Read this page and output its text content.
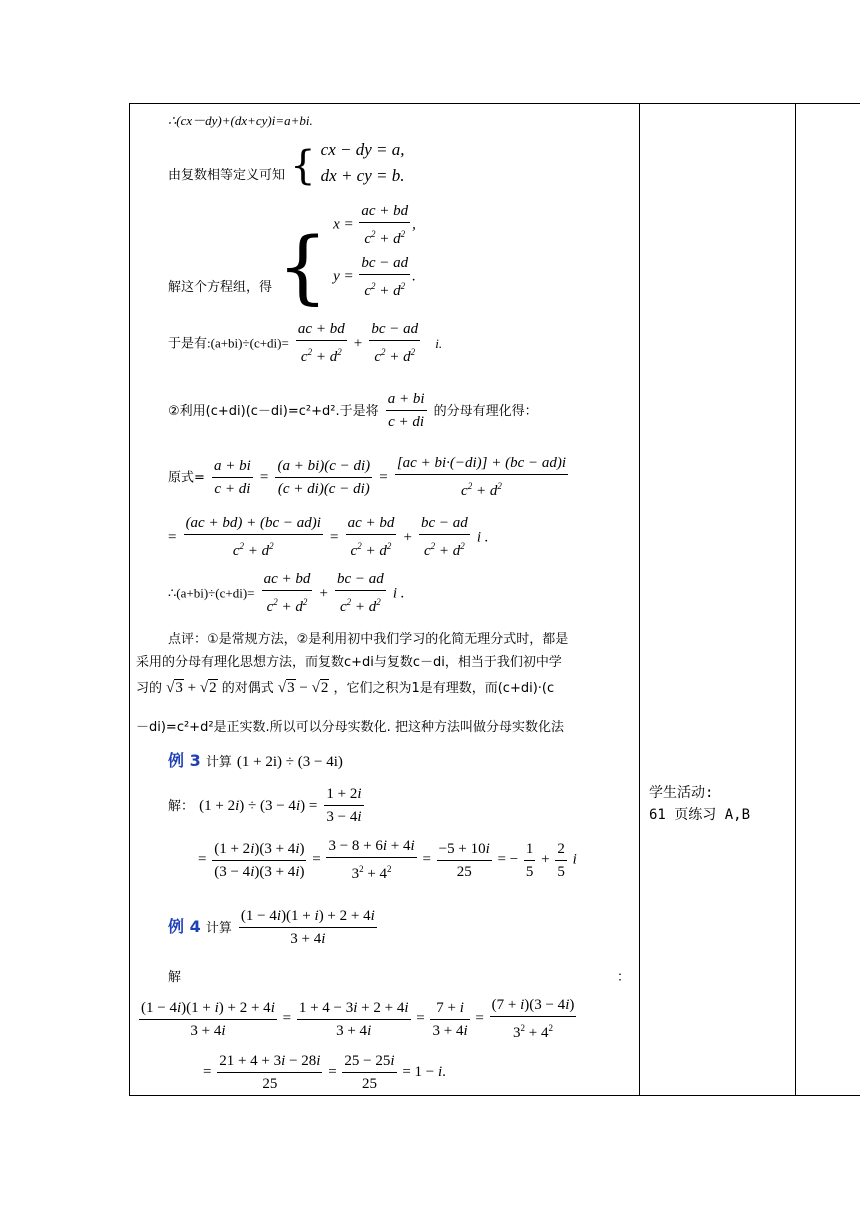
∴(cx－dy)+(dx+cy)i=a+bi.
$_{由复数相等定义可知}$ { cx − dy = a,
dx + cy = b.
$_{解这个方程组,得}$ { $x = \frac{ac + bd}{c^2 + d^2}$ ,
$y = \frac{bc - ad}{c^2 + d^2}$ .
于是有:(a+bi)÷(c+di)= $\frac{ac + bd}{c^2 + d^2} + \frac{bc - ad}{c^2 + d^2} i$.
②利用(c+di)(c－di)=c²+d².于是将 $\frac{a + bi}{c + di}$ 的分母有理化得：
原式= $\frac{a + bi}{c + di} = \frac{(a + bi)(c - di)}{(c + di)(c - di)} = \frac{[ac + bi\cdot(-di)] + (bc - ad)i}{c^2 + d^2}$
= $\frac{(ac + bd) + (bc - ad)i}{c^2 + d^2} = \frac{ac + bd}{c^2 + d^2} + \frac{bc - ad}{c^2 + d^2}$ i .
∴(a+bi)÷(c+di)= $\frac{ac + bd}{c^2 + d^2} + \frac{bc - ad}{c^2 + d^2}$ i .
点评：①是常规方法，②是利用初中我们学习的化简无理分式时，都是
采用的分母有理化思想方法，而复数c+di与复数c－di，相当于我们初中学
习的 √3 + √2 的对偶式 √3 − √2 ，它们之积为1是有理数，而(c+di)·(c
－di)=c²+d²是正实数.所以可以分母实数化. 把这种方法叫做分母实数化法
例 3 计算 (1 + 2i) ÷ (3 − 4i)
解： $(1 + 2i) \div (3 - 4i) = \frac{1 + 2i}{3 - 4i}$
= $\frac{(1 + 2i)(3 + 4i)}{(3 - 4i)(3 + 4i)} = \frac{3 - 8 + 6i + 4i}{3^2 + 4^2} = \frac{-5 + 10i}{25}$ = − $\frac{1}{5} + \frac{2}{5}$ i
例 4 计算 $\frac{(1 - 4i)(1 + i) + 2 + 4i}{3 + 4i}$
解	：
$\frac{(1 - 4i)(1 + i) + 2 + 4i}{3 + 4i} = \frac{1 + 4 - 3i + 2 + 4i}{3 + 4i} = \frac{7 + i}{3 + 4i} = \frac{(7 + i)(3 - 4i)}{3^2 + 4^2}$
= $\frac{21 + 4 + 3i - 28i}{25} = \frac{25 - 25i}{25} = 1 - i$.
学生活动:
61 页练习 A,B
